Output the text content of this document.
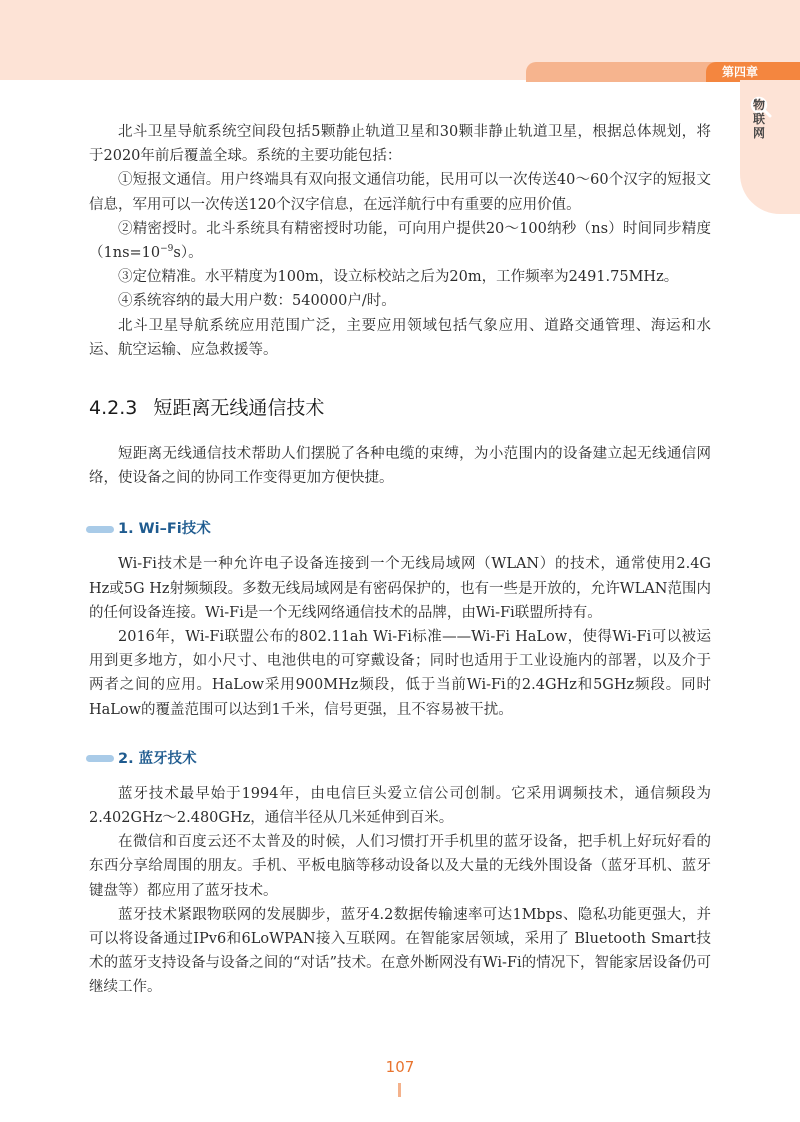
第四章
物联网

北斗卫星导航系统空间段包括5颗静止轨道卫星和30颗非静止轨道卫星，根据总体规划，将于2020年前后覆盖全球。系统的主要功能包括：

①短报文通信。用户终端具有双向报文通信功能，民用可以一次传送40～60个汉字的短报文信息，军用可以一次传送120个汉字信息，在远洋航行中有重要的应用价值。

②精密授时。北斗系统具有精密授时功能，可向用户提供20～100纳秒（ns）时间同步精度$(1ns=10^{-9}s)$。

③定位精准。水平精度为100m，设立标校站之后为20m，工作频率为2491.75MHz。

④系统容纳的最大用户数：540000户/时。

北斗卫星导航系统应用范围广泛，主要应用领域包括气象应用、道路交通管理、海运和水运、航空运输、应急救援等。

4.2.3 短距离无线通信技术

短距离无线通信技术帮助人们摆脱了各种电缆的束缚，为小范围内的设备建立起无线通信网络，使设备之间的协同工作变得更加方便快捷。

1. Wi–Fi技术

Wi-Fi技术是一种允许电子设备连接到一个无线局域网（WLAN）的技术，通常使用2.4G Hz或5G Hz射频频段。多数无线局域网是有密码保护的，也有一些是开放的，允许WLAN范围内的任何设备连接。Wi-Fi是一个无线网络通信技术的品牌，由Wi-Fi联盟所持有。

2016年，Wi-Fi联盟公布的802.11ah Wi-Fi标准——Wi-Fi HaLow，使得Wi-Fi可以被运用到更多地方，如小尺寸、电池供电的可穿戴设备；同时也适用于工业设施内的部署，以及介于两者之间的应用。HaLow采用900MHz频段，低于当前Wi-Fi的2.4GHz和5GHz频段。同时HaLow的覆盖范围可以达到1千米，信号更强，且不容易被干扰。

2. 蓝牙技术

蓝牙技术最早始于1994年，由电信巨头爱立信公司创制。它采用调频技术，通信频段为2.402GHz～2.480GHz，通信半径从几米延伸到百米。

在微信和百度云还不太普及的时候，人们习惯打开手机里的蓝牙设备，把手机上好玩好看的东西分享给周围的朋友。手机、平板电脑等移动设备以及大量的无线外围设备（蓝牙耳机、蓝牙键盘等）都应用了蓝牙技术。

蓝牙技术紧跟物联网的发展脚步，蓝牙4.2数据传输速率可达1Mbps、隐私功能更强大，并可以将设备通过IPv6和6LoWPAN接入互联网。在智能家居领域，采用了 Bluetooth Smart技术的蓝牙支持设备与设备之间的“对话”技术。在意外断网没有Wi-Fi的情况下，智能家居设备仍可继续工作。

107
